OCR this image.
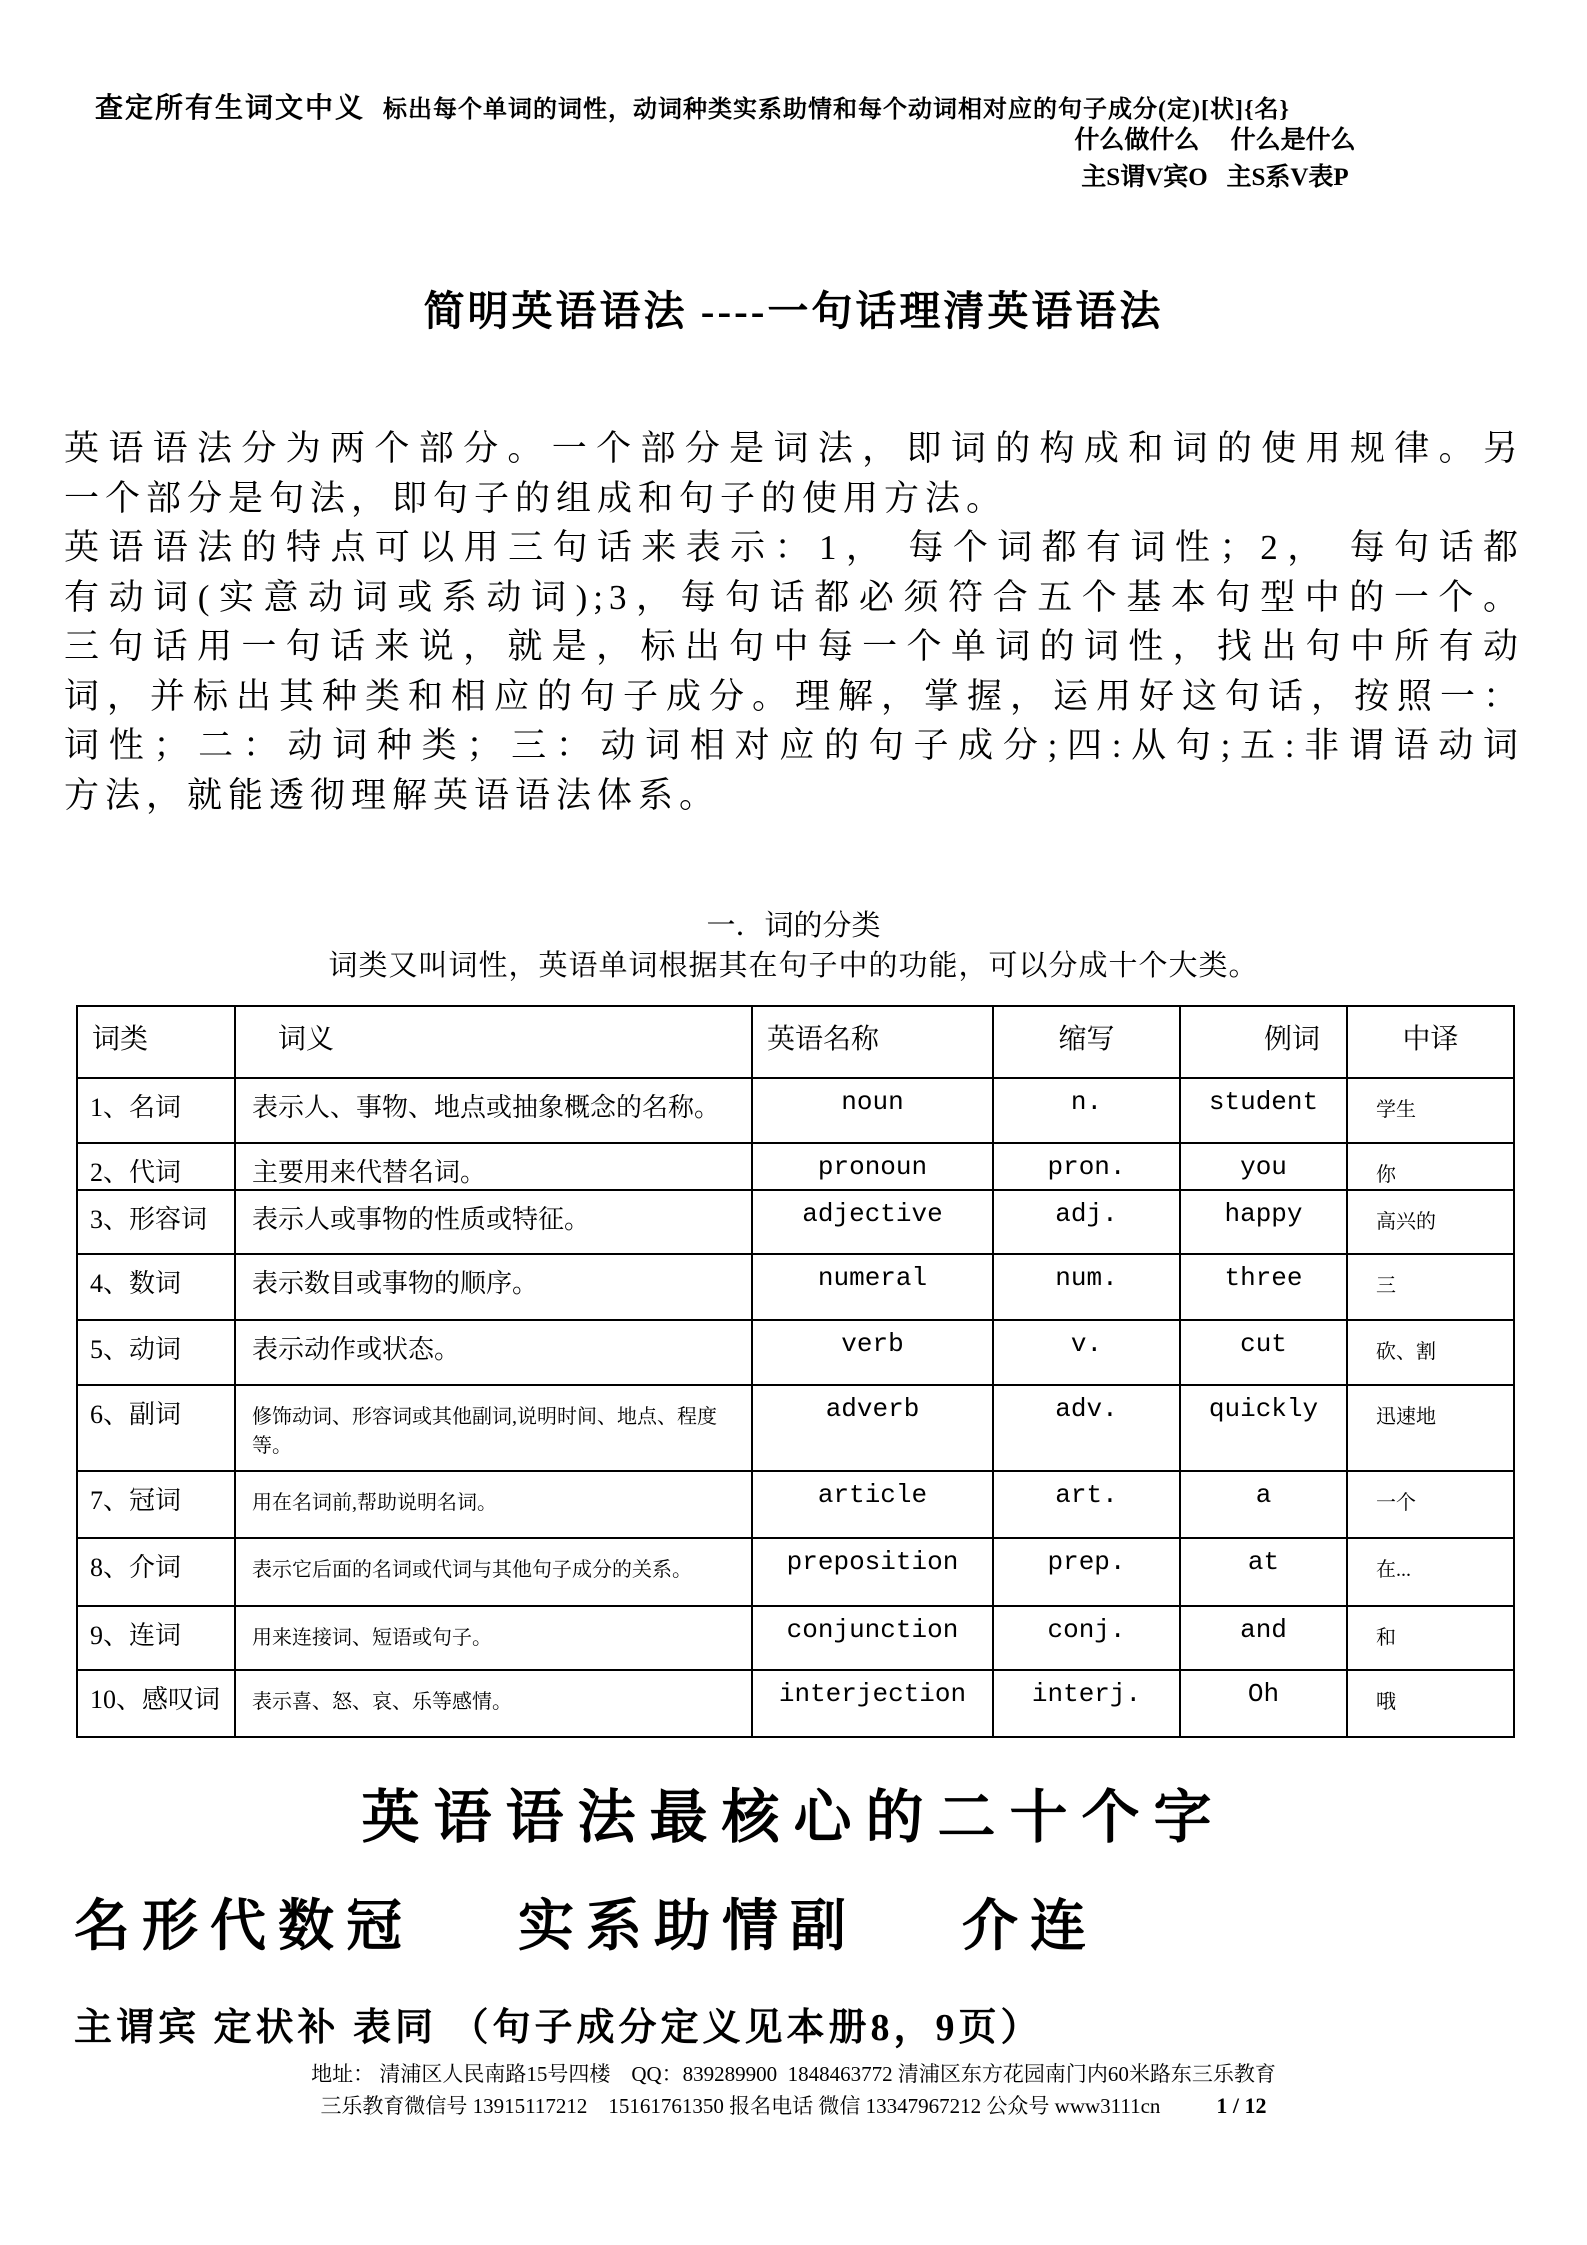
查定所有生词文中义 标出每个单词的词性，动词种类实系助情和每个动词相对应的句子成分(定)[状]{名}
什么做什么     什么是什么
主S谓V宾O   主S系V表P
简明英语语法 ----一句话理清英语语法
英语语法分为两个部分。一个部分是词法，即词的构成和词的使用规律。另
一个部分是句法，即句子的组成和句子的使用方法。
英语语法的特点可以用三句话来表示：1， 每个词都有词性；2， 每句话都
有动词(实意动词或系动词);3，每句话都必须符合五个基本句型中的一个。
三句话用一句话来说，就是，标出句中每一个单词的词性，找出句中所有动
词，并标出其种类和相应的句子成分。理解，掌握，运用好这句话，按照一：
词性；二：动词种类；三：动词相对应的句子成分;四:从句;五:非谓语动词
方法，就能透彻理解英语语法体系。
一．词的分类
词类又叫词性，英语单词根据其在句子中的功能，可以分成十个大类。
词类	词义	英语名称	缩写	例词	中译
1、名词	表示人、事物、地点或抽象概念的名称。	noun	n.	student	学生
2、代词	主要用来代替名词。	pronoun	pron.	you	你
3、形容词	表示人或事物的性质或特征。	adjective	adj.	happy	高兴的
4、数词	表示数目或事物的顺序。	numeral	num.	three	三
5、动词	表示动作或状态。	verb	v.	cut	砍、割
6、副词	修饰动词、形容词或其他副词,说明时间、地点、程度等。	adverb	adv.	quickly	迅速地
7、冠词	用在名词前,帮助说明名词。	article	art.	a	一个
8、介词	表示它后面的名词或代词与其他句子成分的关系。	preposition	prep.	at	在...
9、连词	用来连接词、短语或句子。	conjunction	conj.	and	和
10、感叹词	表示喜、怒、哀、乐等感情。	interjection	interj.	Oh	哦
英语语法最核心的二十个字
名形代数冠    实系助情副    介连
主谓宾 定状补 表同 （句子成分定义见本册8，9页）
地址： 清浦区人民南路15号四楼    QQ：839289900  1848463772 清浦区东方花园南门内60米路东三乐教育
三乐教育微信号 13915117212    15161761350 报名电话 微信 13347967212 公众号 www3111cn	1 / 12
